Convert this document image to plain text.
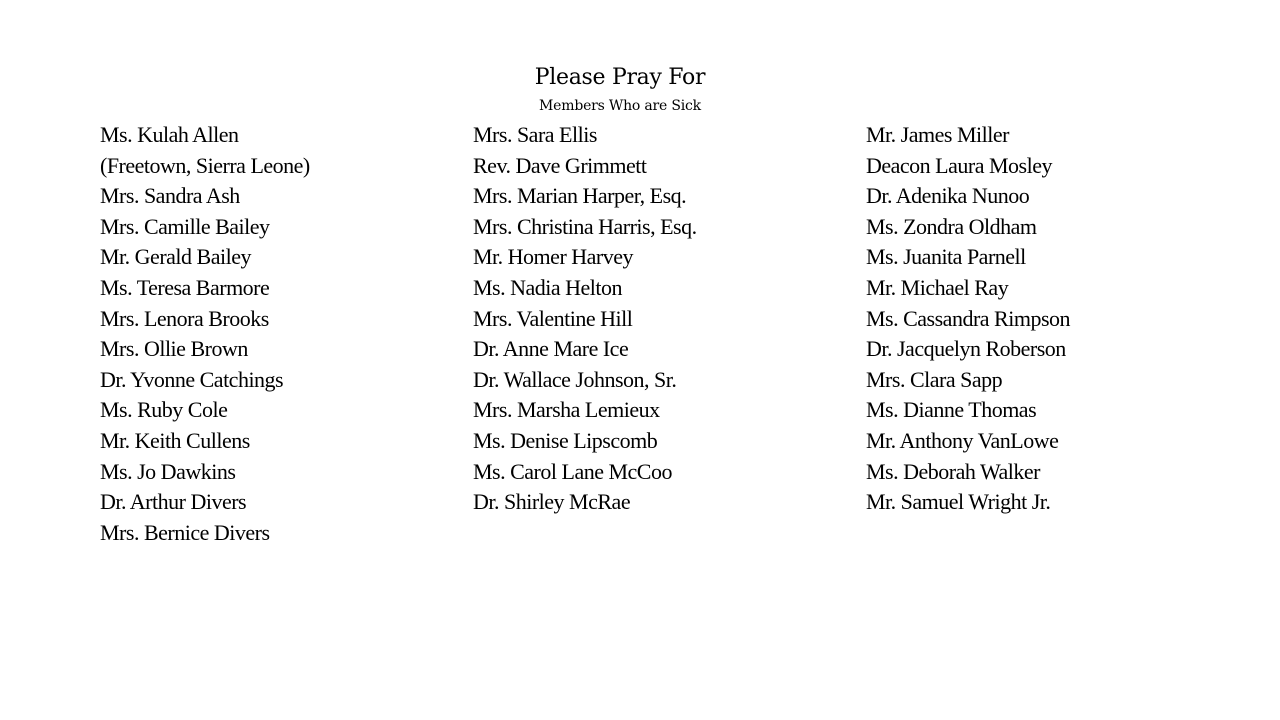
Please Pray For
Members Who are Sick
Ms. Kulah Allen
(Freetown, Sierra Leone)
Mrs. Sandra Ash
Mrs. Camille Bailey
Mr. Gerald Bailey
Ms. Teresa Barmore
Mrs. Lenora Brooks
Mrs. Ollie Brown
Dr. Yvonne Catchings
Ms. Ruby Cole
Mr. Keith Cullens
Ms. Jo Dawkins
Dr. Arthur Divers
Mrs. Bernice Divers
Mrs. Sara Ellis
Rev. Dave Grimmett
Mrs. Marian Harper, Esq.
Mrs. Christina Harris, Esq.
Mr. Homer Harvey
Ms. Nadia Helton
Mrs. Valentine Hill
Dr. Anne Mare Ice
Dr. Wallace Johnson, Sr.
Mrs. Marsha Lemieux
Ms. Denise Lipscomb
Ms. Carol Lane McCoo
Dr. Shirley McRae
Mr. James Miller
Deacon Laura Mosley
Dr. Adenika Nunoo
Ms. Zondra Oldham
Ms. Juanita Parnell
Mr. Michael Ray
Ms. Cassandra Rimpson
Dr. Jacquelyn Roberson
Mrs. Clara Sapp
Ms. Dianne Thomas
Mr. Anthony VanLowe
Ms. Deborah Walker
Mr. Samuel Wright Jr.
